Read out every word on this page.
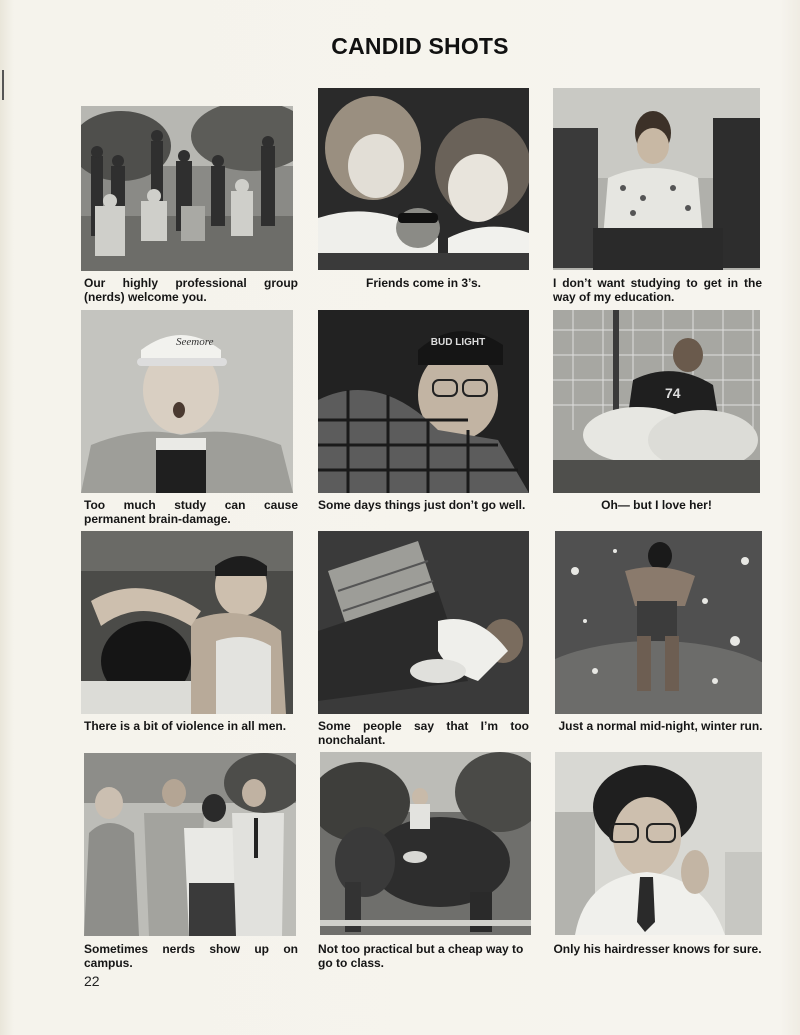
CANDID SHOTS
Our highly professional group (nerds) welcome you.
Friends come in 3’s.	I don’t want studying to get in the way of my education.
Seemore
Too much study can cause permanent brain-damage.
BUD LIGHT
Some days things just don’t go well.
74
Oh— but I love her!
There is a bit of violence in all men.	Some people say that I’m too nonchalant.
Just a normal mid-night, winter run.
Sometimes nerds show up on campus.
Not too practical but a cheap way to go to class.
Only his hairdresser knows for sure.
22
